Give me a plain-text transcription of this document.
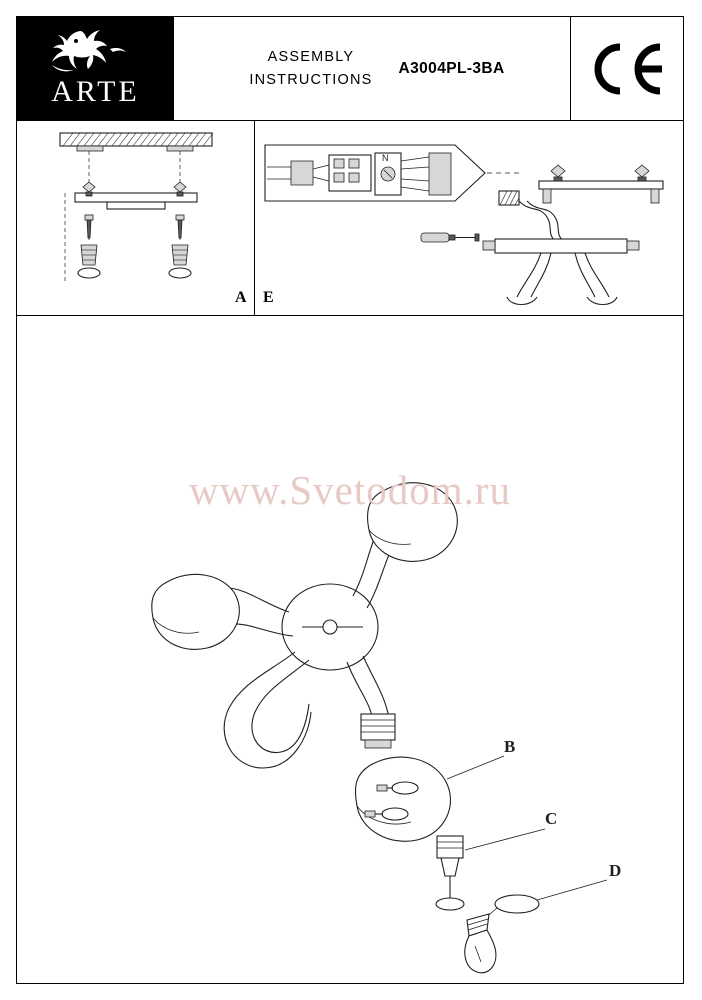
ARTE
ASSEMBLY
INSTRUCTIONS
A3004PL-3BA
A
N
E
www.Svetodom.ru
B
C
D
